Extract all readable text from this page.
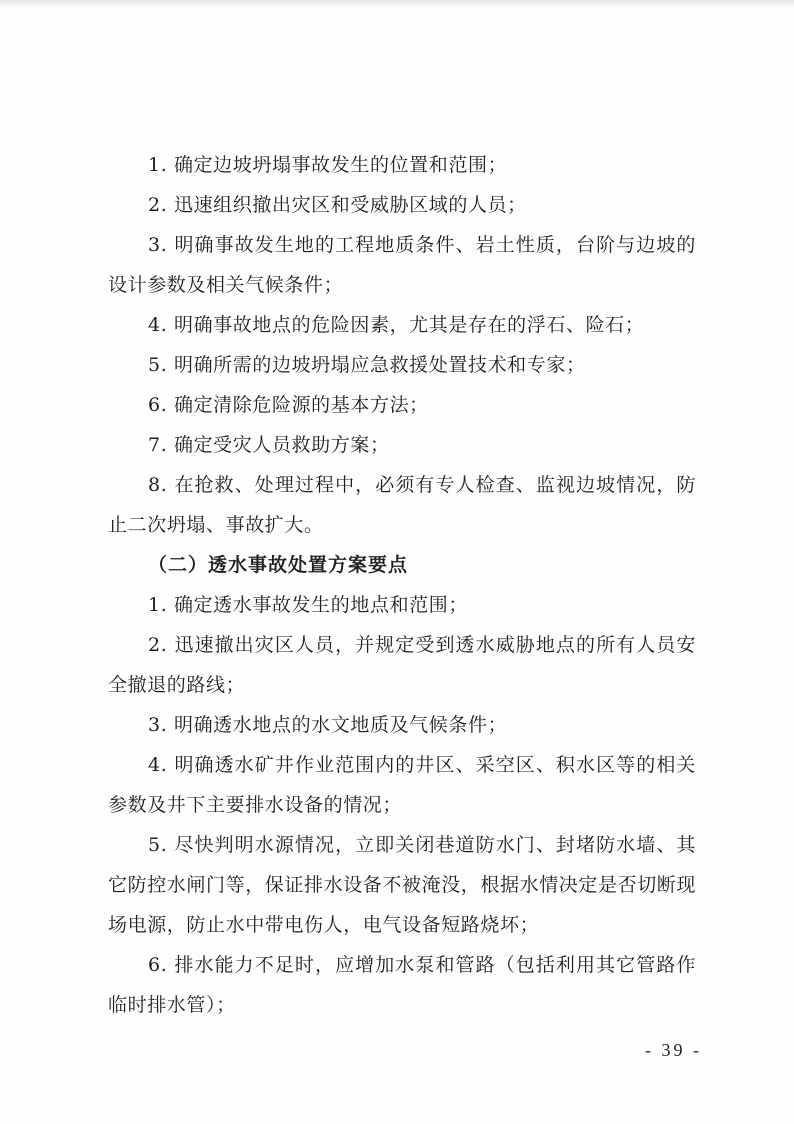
1. 确定边坡坍塌事故发生的位置和范围；

2. 迅速组织撤出灾区和受威胁区域的人员；

3. 明确事故发生地的工程地质条件、岩土性质，台阶与边坡的设计参数及相关气候条件；

4. 明确事故地点的危险因素，尤其是存在的浮石、险石；

5. 明确所需的边坡坍塌应急救援处置技术和专家；

6. 确定清除危险源的基本方法；

7. 确定受灾人员救助方案；

8. 在抢救、处理过程中，必须有专人检查、监视边坡情况，防止二次坍塌、事故扩大。

（二）透水事故处置方案要点

1. 确定透水事故发生的地点和范围；

2. 迅速撤出灾区人员，并规定受到透水威胁地点的所有人员安全撤退的路线；

3. 明确透水地点的水文地质及气候条件；

4. 明确透水矿井作业范围内的井区、采空区、积水区等的相关参数及井下主要排水设备的情况；

5. 尽快判明水源情况，立即关闭巷道防水门、封堵防水墙、其它防控水闸门等，保证排水设备不被淹没，根据水情决定是否切断现场电源，防止水中带电伤人，电气设备短路烧坏；

6. 排水能力不足时，应增加水泵和管路（包括利用其它管路作临时排水管）；

- 39 -
